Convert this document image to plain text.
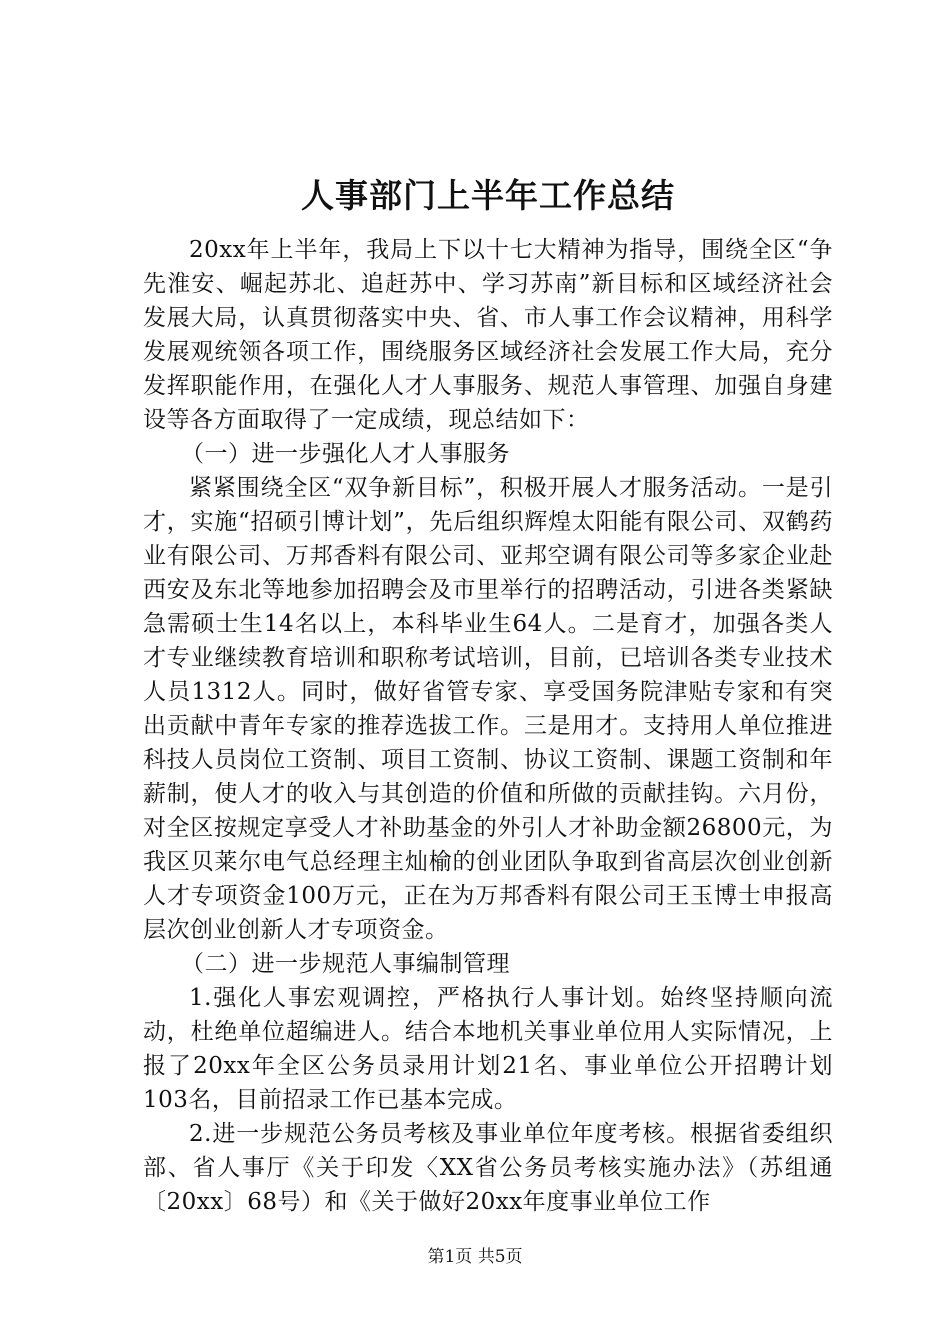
人事部门上半年工作总结

20xx年上半年，我局上下以十七大精神为指导，围绕全区“争先淮安、崛起苏北、追赶苏中、学习苏南”新目标和区域经济社会发展大局，认真贯彻落实中央、省、市人事工作会议精神，用科学发展观统领各项工作，围绕服务区域经济社会发展工作大局，充分发挥职能作用，在强化人才人事服务、规范人事管理、加强自身建设等各方面取得了一定成绩，现总结如下：

（一）进一步强化人才人事服务

紧紧围绕全区“双争新目标”，积极开展人才服务活动。一是引才，实施“招硕引博计划”，先后组织辉煌太阳能有限公司、双鹤药业有限公司、万邦香料有限公司、亚邦空调有限公司等多家企业赴西安及东北等地参加招聘会及市里举行的招聘活动，引进各类紧缺急需硕士生14名以上，本科毕业生64人。二是育才，加强各类人才专业继续教育培训和职称考试培训，目前，已培训各类专业技术人员1312人。同时，做好省管专家、享受国务院津贴专家和有突出贡献中青年专家的推荐选拔工作。三是用才。支持用人单位推进科技人员岗位工资制、项目工资制、协议工资制、课题工资制和年薪制，使人才的收入与其创造的价值和所做的贡献挂钩。六月份，对全区按规定享受人才补助基金的外引人才补助金额26800元，为我区贝莱尔电气总经理主灿榆的创业团队争取到省高层次创业创新人才专项资金100万元，正在为万邦香料有限公司王玉博士申报高层次创业创新人才专项资金。

（二）进一步规范人事编制管理

1.强化人事宏观调控，严格执行人事计划。始终坚持顺向流动，杜绝单位超编进人。结合本地机关事业单位用人实际情况，上报了20xx年全区公务员录用计划21名、事业单位公开招聘计划103名，目前招录工作已基本完成。

2.进一步规范公务员考核及事业单位年度考核。根据省委组织部、省人事厅《关于印发〈XX省公务员考核实施办法》（苏组通〔20xx〕68号）和《关于做好20xx年度事业单位工作

第1页 共5页
